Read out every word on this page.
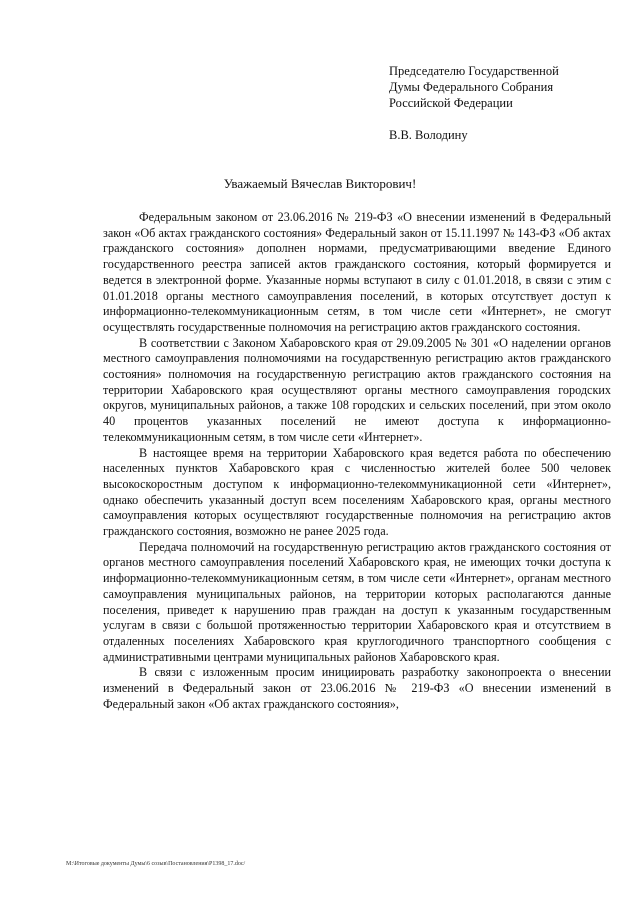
Председателю Государственной
Думы Федерального Собрания
Российской Федерации
В.В. Володину
Уважаемый Вячеслав Викторович!

Федеральным законом от 23.06.2016 № 219-ФЗ «О внесении изменений в Федеральный закон «Об актах гражданского состояния» Федеральный закон от 15.11.1997 № 143-ФЗ «Об актах гражданского состояния» дополнен нормами, предусматривающими введение Единого государственного реестра записей актов гражданского состояния, который формируется и ведется в электронной форме. Указанные нормы вступают в силу с 01.01.2018, в связи с этим с 01.01.2018 органы местного самоуправления поселений, в которых отсутствует доступ к информационно-телекоммуникационным сетям, в том числе сети «Интернет», не смогут осуществлять государственные полномочия на регистрацию актов гражданского состояния.

В соответствии с Законом Хабаровского края от 29.09.2005 № 301 «О наделении органов местного самоуправления полномочиями на государственную регистрацию актов гражданского состояния» полномочия на государственную регистрацию актов гражданского состояния на территории Хабаровского края осуществляют органы местного самоуправления городских округов, муниципальных районов, а также 108 городских и сельских поселений, при этом около 40 процентов указанных поселений не имеют доступа к информационно-телекоммуникационным сетям, в том числе сети «Интернет».

В настоящее время на территории Хабаровского края ведется работа по обеспечению населенных пунктов Хабаровского края с численностью жителей более 500 человек высокоскоростным доступом к информационно-телекоммуникационной сети «Интернет», однако обеспечить указанный доступ всем поселениям Хабаровского края, органы местного самоуправления которых осуществляют государственные полномочия на регистрацию актов гражданского состояния, возможно не ранее 2025 года.

Передача полномочий на государственную регистрацию актов гражданского состояния от органов местного самоуправления поселений Хабаровского края, не имеющих точки доступа к информационно-телекоммуникационным сетям, в том числе сети «Интернет», органам местного самоуправления муниципальных районов, на территории которых располагаются данные поселения, приведет к нарушению прав граждан на доступ к указанным государственным услугам в связи с большой протяженностью территории Хабаровского края и отсутствием в отдаленных поселениях Хабаровского края круглогодичного транспортного сообщения с административными центрами муниципальных районов Хабаровского края.

В связи с изложенным просим инициировать разработку законопроекта о внесении изменений в Федеральный закон от 23.06.2016 № 219-ФЗ «О внесении изменений в Федеральный закон «Об актах гражданского состояния»,

M:\Итоговые документы Думы\6 созыв\Постановления\Р1398_17.doc/
